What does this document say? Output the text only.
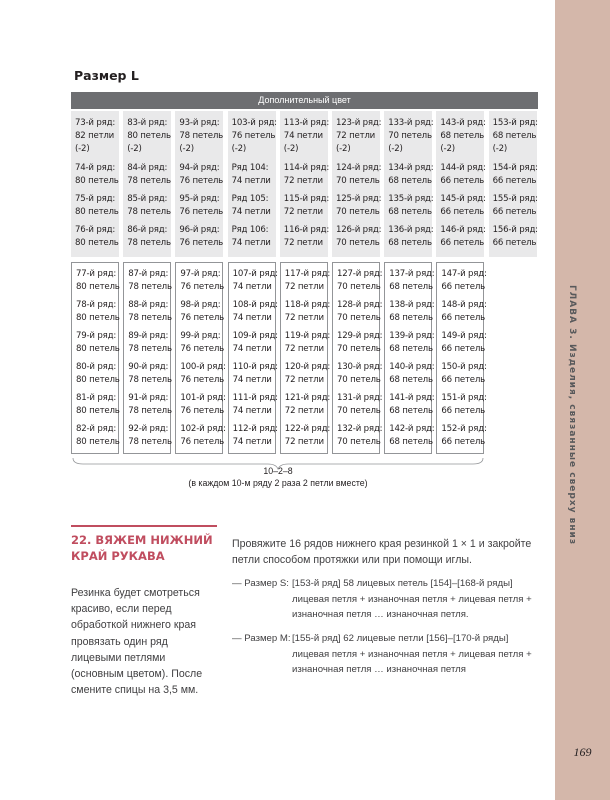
Размер L
Дополнительный цвет
73-й ряд:
82 петли
(-2)
74-й ряд:
80 петель
75-й ряд:
80 петель
76-й ряд:
80 петель
83-й ряд:
80 петель
(-2)
84-й ряд:
78 петель
85-й ряд:
78 петель
86-й ряд:
78 петель
93-й ряд:
78 петель
(-2)
94-й ряд:
76 петель
95-й ряд:
76 петель
96-й ряд:
76 петель
103-й ряд:
76 петель
(-2)
Ряд 104:
74 петли
Ряд 105:
74 петли
Ряд 106:
74 петли
113-й ряд:
74 петли
(-2)
114-й ряд:
72 петли
115-й ряд:
72 петли
116-й ряд:
72 петли
123-й ряд:
72 петли
(-2)
124-й ряд:
70 петель
125-й ряд:
70 петель
126-й ряд:
70 петель
133-й ряд:
70 петель
(-2)
134-й ряд:
68 петель
135-й ряд:
68 петель
136-й ряд:
68 петель
143-й ряд:
68 петель
(-2)
144-й ряд:
66 петель
145-й ряд:
66 петель
146-й ряд:
66 петель
153-й ряд:
68 петель
(-2)
154-й ряд:
66 петель
155-й ряд:
66 петель
156-й ряд:
66 петель
77-й ряд:
80 петель
78-й ряд:
80 петель
79-й ряд:
80 петель
80-й ряд:
80 петель
81-й ряд:
80 петель
82-й ряд:
80 петель
87-й ряд:
78 петель
88-й ряд:
78 петель
89-й ряд:
78 петель
90-й ряд:
78 петель
91-й ряд:
78 петель
92-й ряд:
78 петель
97-й ряд:
76 петель
98-й ряд:
76 петель
99-й ряд:
76 петель
100-й ряд:
76 петель
101-й ряд:
76 петель
102-й ряд:
76 петель
107-й ряд:
74 петли
108-й ряд:
74 петли
109-й ряд:
74 петли
110-й ряд:
74 петли
111-й ряд:
74 петли
112-й ряд:
74 петли
117-й ряд:
72 петли
118-й ряд:
72 петли
119-й ряд:
72 петли
120-й ряд:
72 петли
121-й ряд:
72 петли
122-й ряд:
72 петли
127-й ряд:
70 петель
128-й ряд:
70 петель
129-й ряд:
70 петель
130-й ряд:
70 петель
131-й ряд:
70 петель
132-й ряд:
70 петель
137-й ряд:
68 петель
138-й ряд:
68 петель
139-й ряд:
68 петель
140-й ряд:
68 петель
141-й ряд:
68 петель
142-й ряд:
68 петель
147-й ряд:
66 петель
148-й ряд:
66 петель
149-й ряд:
66 петель
150-й ряд:
66 петель
151-й ряд:
66 петель
152-й ряд:
66 петель
10–2–8
(в каждом 10-м ряду 2 раза 2 петли вместе)
22. ВЯЖЕМ НИЖНИЙ КРАЙ РУКАВА
Резинка будет смотреться красиво, если перед обработкой нижнего края провязать один ряд лицевыми петлями (основным цветом). После смените спицы на 3,5 мм.
Провяжите 16 рядов нижнего края резинкой 1 × 1 и закройте петли способом протяжки или при помощи иглы.
— Размер S: [153-й ряд] 58 лицевых петель [154]–[168-й ряды] лицевая петля + изнаночная петля + лицевая петля + изнаночная петля … изнаночная петля.
— Размер M: [155-й ряд] 62 лицевые петли [156]–[170-й ряды] лицевая петля + изнаночная петля + лицевая петля + изнаночная петля … изнаночная петля
ГЛАВА 3. Изделия, связанные сверху вниз
169
